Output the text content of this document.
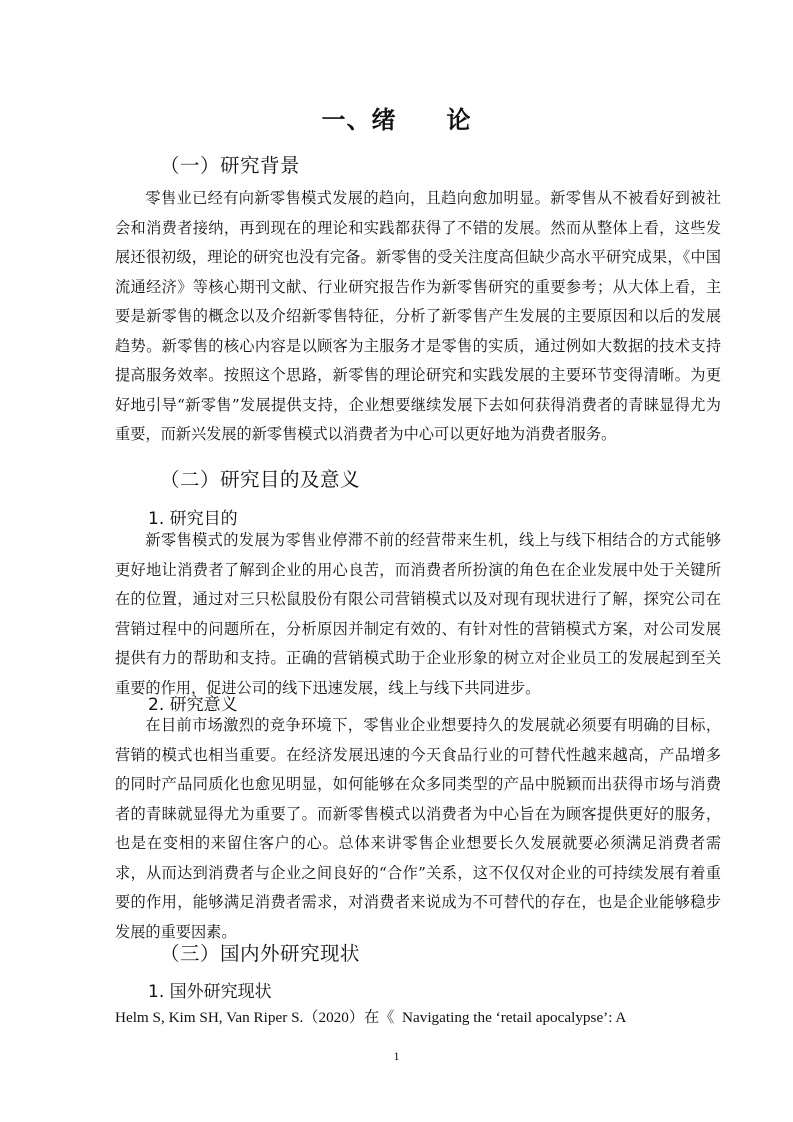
一、绪　　论
（一）研究背景

零售业已经有向新零售模式发展的趋向，且趋向愈加明显。新零售从不被看好到被社会和消费者接纳，再到现在的理论和实践都获得了不错的发展。然而从整体上看，这些发展还很初级，理论的研究也没有完备。新零售的受关注度高但缺少高水平研究成果，《中国流通经济》等核心期刊文献、行业研究报告作为新零售研究的重要参考；从大体上看，主要是新零售的概念以及介绍新零售特征，分析了新零售产生发展的主要原因和以后的发展趋势。新零售的核心内容是以顾客为主服务才是零售的实质，通过例如大数据的技术支持提高服务效率。按照这个思路，新零售的理论研究和实践发展的主要环节变得清晰。为更好地引导“新零售”发展提供支持，企业想要继续发展下去如何获得消费者的青睐显得尤为重要，而新兴发展的新零售模式以消费者为中心可以更好地为消费者服务。

（二）研究目的及意义
1. 研究目的

新零售模式的发展为零售业停滞不前的经营带来生机，线上与线下相结合的方式能够更好地让消费者了解到企业的用心良苦，而消费者所扮演的角色在企业发展中处于关键所在的位置，通过对三只松鼠股份有限公司营销模式以及对现有现状进行了解，探究公司在营销过程中的问题所在，分析原因并制定有效的、有针对性的营销模式方案，对公司发展提供有力的帮助和支持。正确的营销模式助于企业形象的树立对企业员工的发展起到至关重要的作用，促进公司的线下迅速发展，线上与线下共同进步。

2. 研究意义

在目前市场激烈的竞争环境下，零售业企业想要持久的发展就必须要有明确的目标，营销的模式也相当重要。在经济发展迅速的今天食品行业的可替代性越来越高，产品增多的同时产品同质化也愈见明显，如何能够在众多同类型的产品中脱颖而出获得市场与消费者的青睐就显得尤为重要了。而新零售模式以消费者为中心旨在为顾客提供更好的服务，也是在变相的来留住客户的心。总体来讲零售企业想要长久发展就要必须满足消费者需求，从而达到消费者与企业之间良好的“合作”关系，这不仅仅对企业的可持续发展有着重要的作用，能够满足消费者需求，对消费者来说成为不可替代的存在，也是企业能够稳步发展的重要因素。

（三）国内外研究现状
1. 国外研究现状
Helm S, Kim SH, Van Riper S.（2020）在《  Navigating the ‘retail apocalypse’: A
1
